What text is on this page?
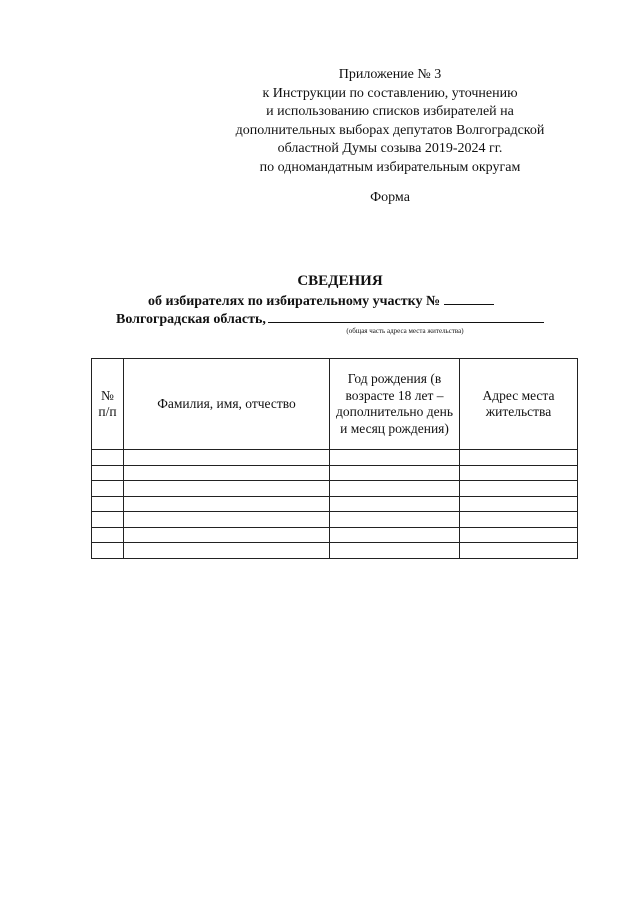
Приложение № 3
к Инструкции по составлению, уточнению
и использованию списков избирателей на
дополнительных выборах депутатов Волгоградской
областной Думы созыва 2019-2024 гг.
по одномандатным избирательным округам
Форма
СВЕДЕНИЯ
об избирателях по избирательному участку №
Волгоградская область,
(общая часть адреса места жительства)
№ п/п	Фамилия, имя, отчество	Год рождения (в возрасте 18 лет – дополнительно день и месяц рождения)	Адрес места жительства
